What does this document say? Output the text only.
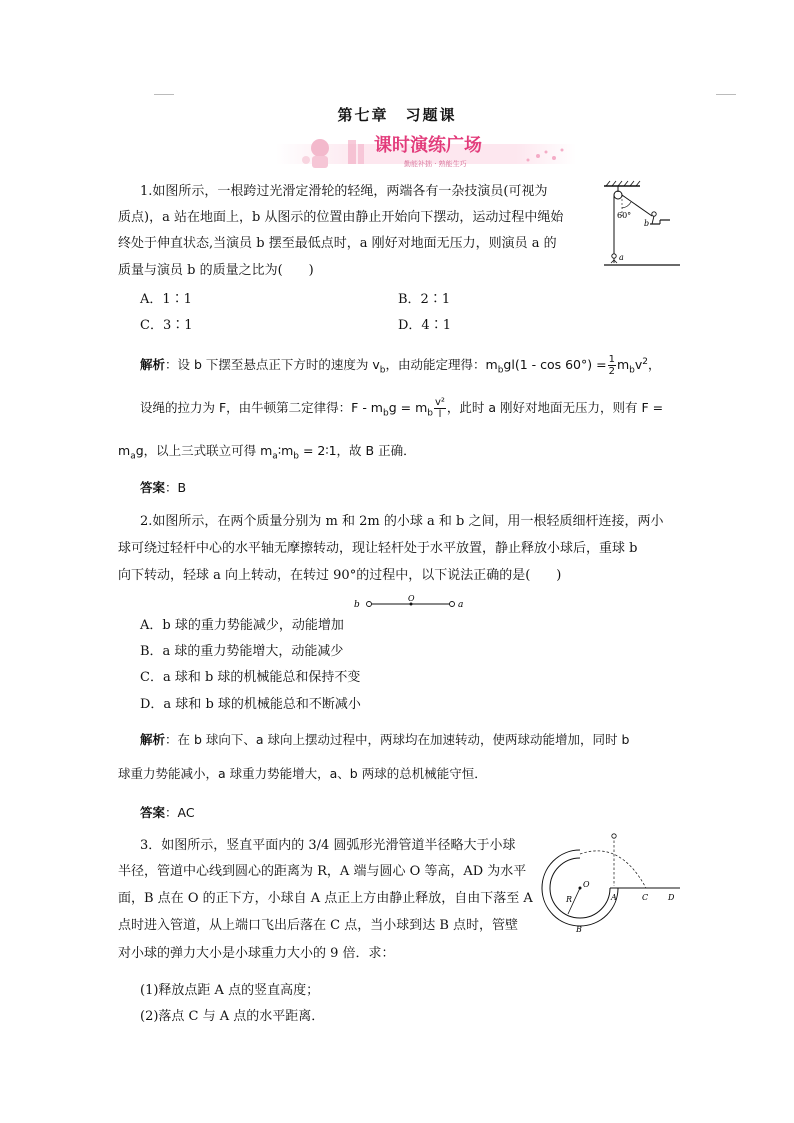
第七章　习题课
课时演练广场
勤能补拙 · 熟能生巧
1.如图所示，一根跨过光滑定滑轮的轻绳，两端各有一杂技演员(可视为
质点)，a 站在地面上，b 从图示的位置由静止开始向下摆动，运动过程中绳始
终处于伸直状态,当演员 b 摆至最低点时，a 刚好对地面无压力，则演员 a 的
质量与演员 b 的质量之比为(　　)
60°
b
a
A．1∶1	B．2∶1
C．3∶1	D．4∶1
解析：设 b 下摆至悬点正下方时的速度为 $v_b$，由动能定理得：$m_bgl(1 - \cos 60^\circ) = \frac{1}{2} m_bv^2$，
设绳的拉力为 F，由牛顿第二定律得：$F - m_bg = m_b \frac{\text{v²}}{l}$ ，此时 a 刚好对地面无压力，则有 F =
$m_ag$，以上三式联立可得 $m_a∶m_b$ = 2∶1，故 B 正确．
答案：B
2.如图所示，在两个质量分别为 m 和 2m 的小球 a 和 b 之间，用一根轻质细杆连接，两小
球可绕过轻杆中心的水平轴无摩擦转动，现让轻杆处于水平放置，静止释放小球后，重球 b
向下转动，轻球 a 向上转动，在转过 90°的过程中，以下说法正确的是(　　)
b
O
a
A．b 球的重力势能减少，动能增加
B．a 球的重力势能增大，动能减少
C．a 球和 b 球的机械能总和保持不变
D．a 球和 b 球的机械能总和不断减小
解析：在 b 球向下、a 球向上摆动过程中，两球均在加速转动，使两球动能增加，同时 b
球重力势能减小，a 球重力势能增大，a、b 两球的总机械能守恒．
答案：AC
3．如图所示，竖直平面内的 3/4 圆弧形光滑管道半径略大于小球
半径，管道中心线到圆心的距离为 R，A 端与圆心 O 等高，AD 为水平
面，B 点在 O 的正下方，小球自 A 点正上方由静止释放，自由下落至 A
点时进入管道，从上端口飞出后落在 C 点，当小球到达 B 点时，管壁
对小球的弹力大小是小球重力大小的 9 倍．求：
(1)释放点距 A 点的竖直高度；
(2)落点 C 与 A 点的水平距离．
O
R	A	C D
B
